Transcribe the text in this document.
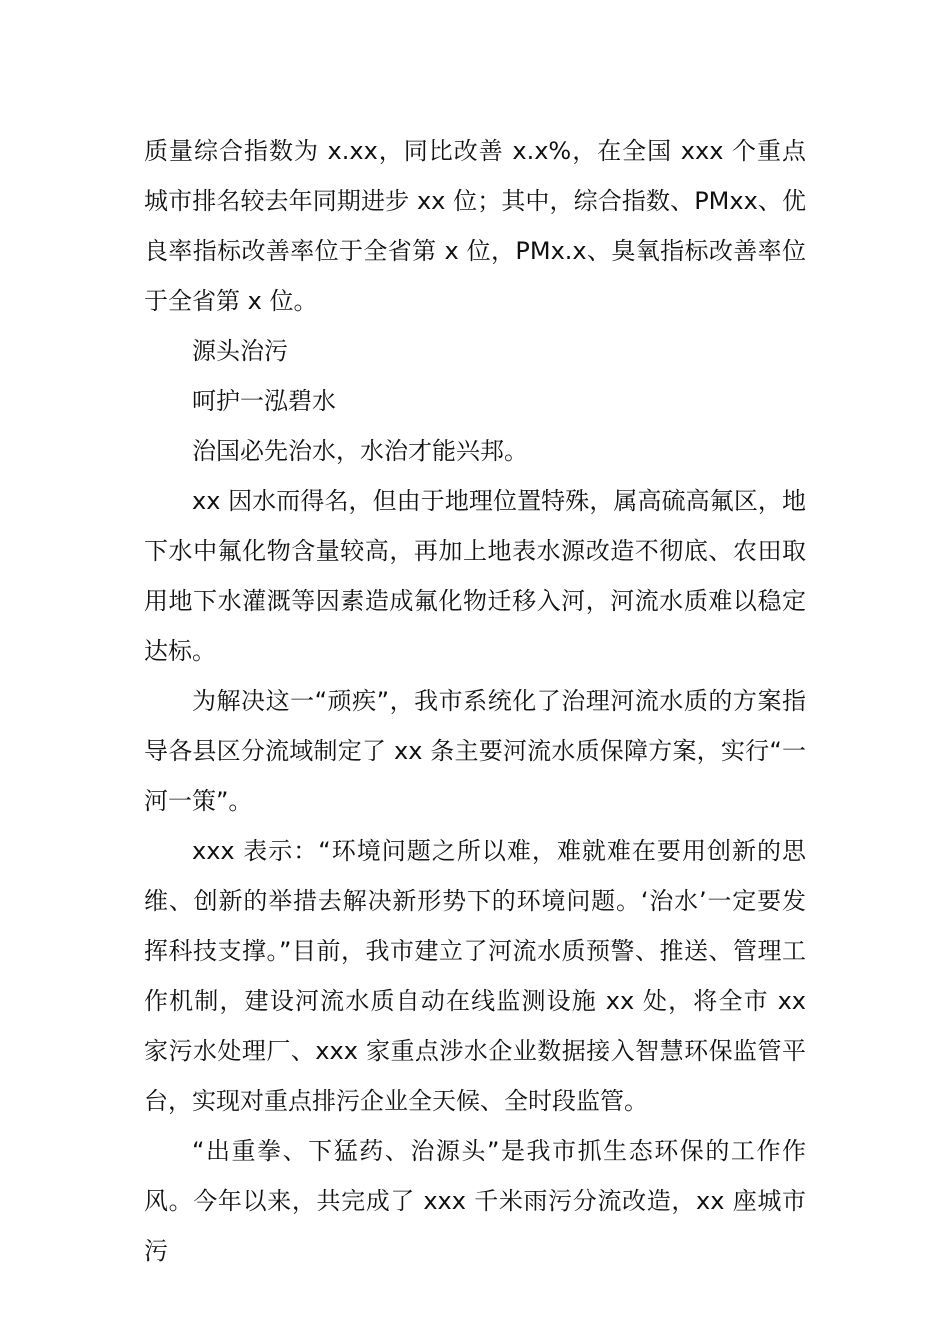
质量综合指数为 x.xx，同比改善 x.x%，在全国 xxx 个重点城市排名较去年同期进步 xx 位；其中，综合指数、PMxx、优良率指标改善率位于全省第 x 位，PMx.x、臭氧指标改善率位于全省第 x 位。

源头治污

呵护一泓碧水

治国必先治水，水治才能兴邦。

xx 因水而得名，但由于地理位置特殊，属高硫高氟区，地下水中氟化物含量较高，再加上地表水源改造不彻底、农田取用地下水灌溉等因素造成氟化物迁移入河，河流水质难以稳定达标。

为解决这一“顽疾”，我市系统化了治理河流水质的方案指导各县区分流域制定了 xx 条主要河流水质保障方案，实行“一河一策”。

xxx 表示：“环境问题之所以难，难就难在要用创新的思维、创新的举措去解决新形势下的环境问题。‘治水’一定要发挥科技支撑。”目前，我市建立了河流水质预警、推送、管理工作机制，建设河流水质自动在线监测设施 xx 处，将全市 xx 家污水处理厂、xxx 家重点涉水企业数据接入智慧环保监管平台，实现对重点排污企业全天候、全时段监管。

“出重拳、下猛药、治源头”是我市抓生态环保的工作作风。今年以来，共完成了 xxx 千米雨污分流改造，xx 座城市污
